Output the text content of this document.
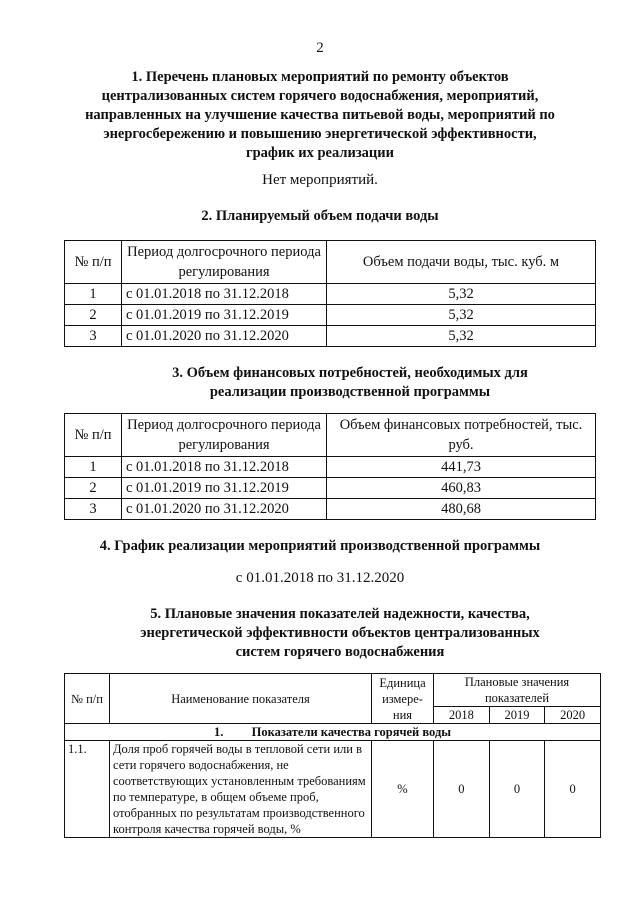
2
1. Перечень плановых мероприятий по ремонту объектов централизованных систем горячего водоснабжения, мероприятий, направленных на улучшение качества питьевой воды, мероприятий по энергосбережению и повышению энергетической эффективности, график их реализации
Нет мероприятий.
2. Планируемый объем подачи воды
№ п/п	Период долгосрочного периода регулирования	Объем подачи воды, тыс. куб. м
1	с 01.01.2018 по 31.12.2018	5,32
2	с 01.01.2019 по 31.12.2019	5,32
3	с 01.01.2020 по 31.12.2020	5,32
3. Объем финансовых потребностей, необходимых для реализации производственной программы
№ п/п	Период долгосрочного периода регулирования	Объем финансовых потребностей, тыс. руб.
1	с 01.01.2018 по 31.12.2018	441,73
2	с 01.01.2019 по 31.12.2019	460,83
3	с 01.01.2020 по 31.12.2020	480,68
4. График реализации мероприятий производственной программы
с 01.01.2018 по 31.12.2020
5. Плановые значения показателей надежности, качества, энергетической эффективности объектов централизованных систем горячего водоснабжения
№ п/п	Наименование показателя	Единица измере-ния	Плановые значения показателей		
			2018	2019	2020
1. Показатели качества горячей воды					
1.1.	Доля проб горячей воды в тепловой сети или в сети горячего водоснабжения, не соответствующих установленным требованиям по температуре, в общем объеме проб, отобранных по результатам производственного контроля качества горячей воды, %	%	0	0	0
